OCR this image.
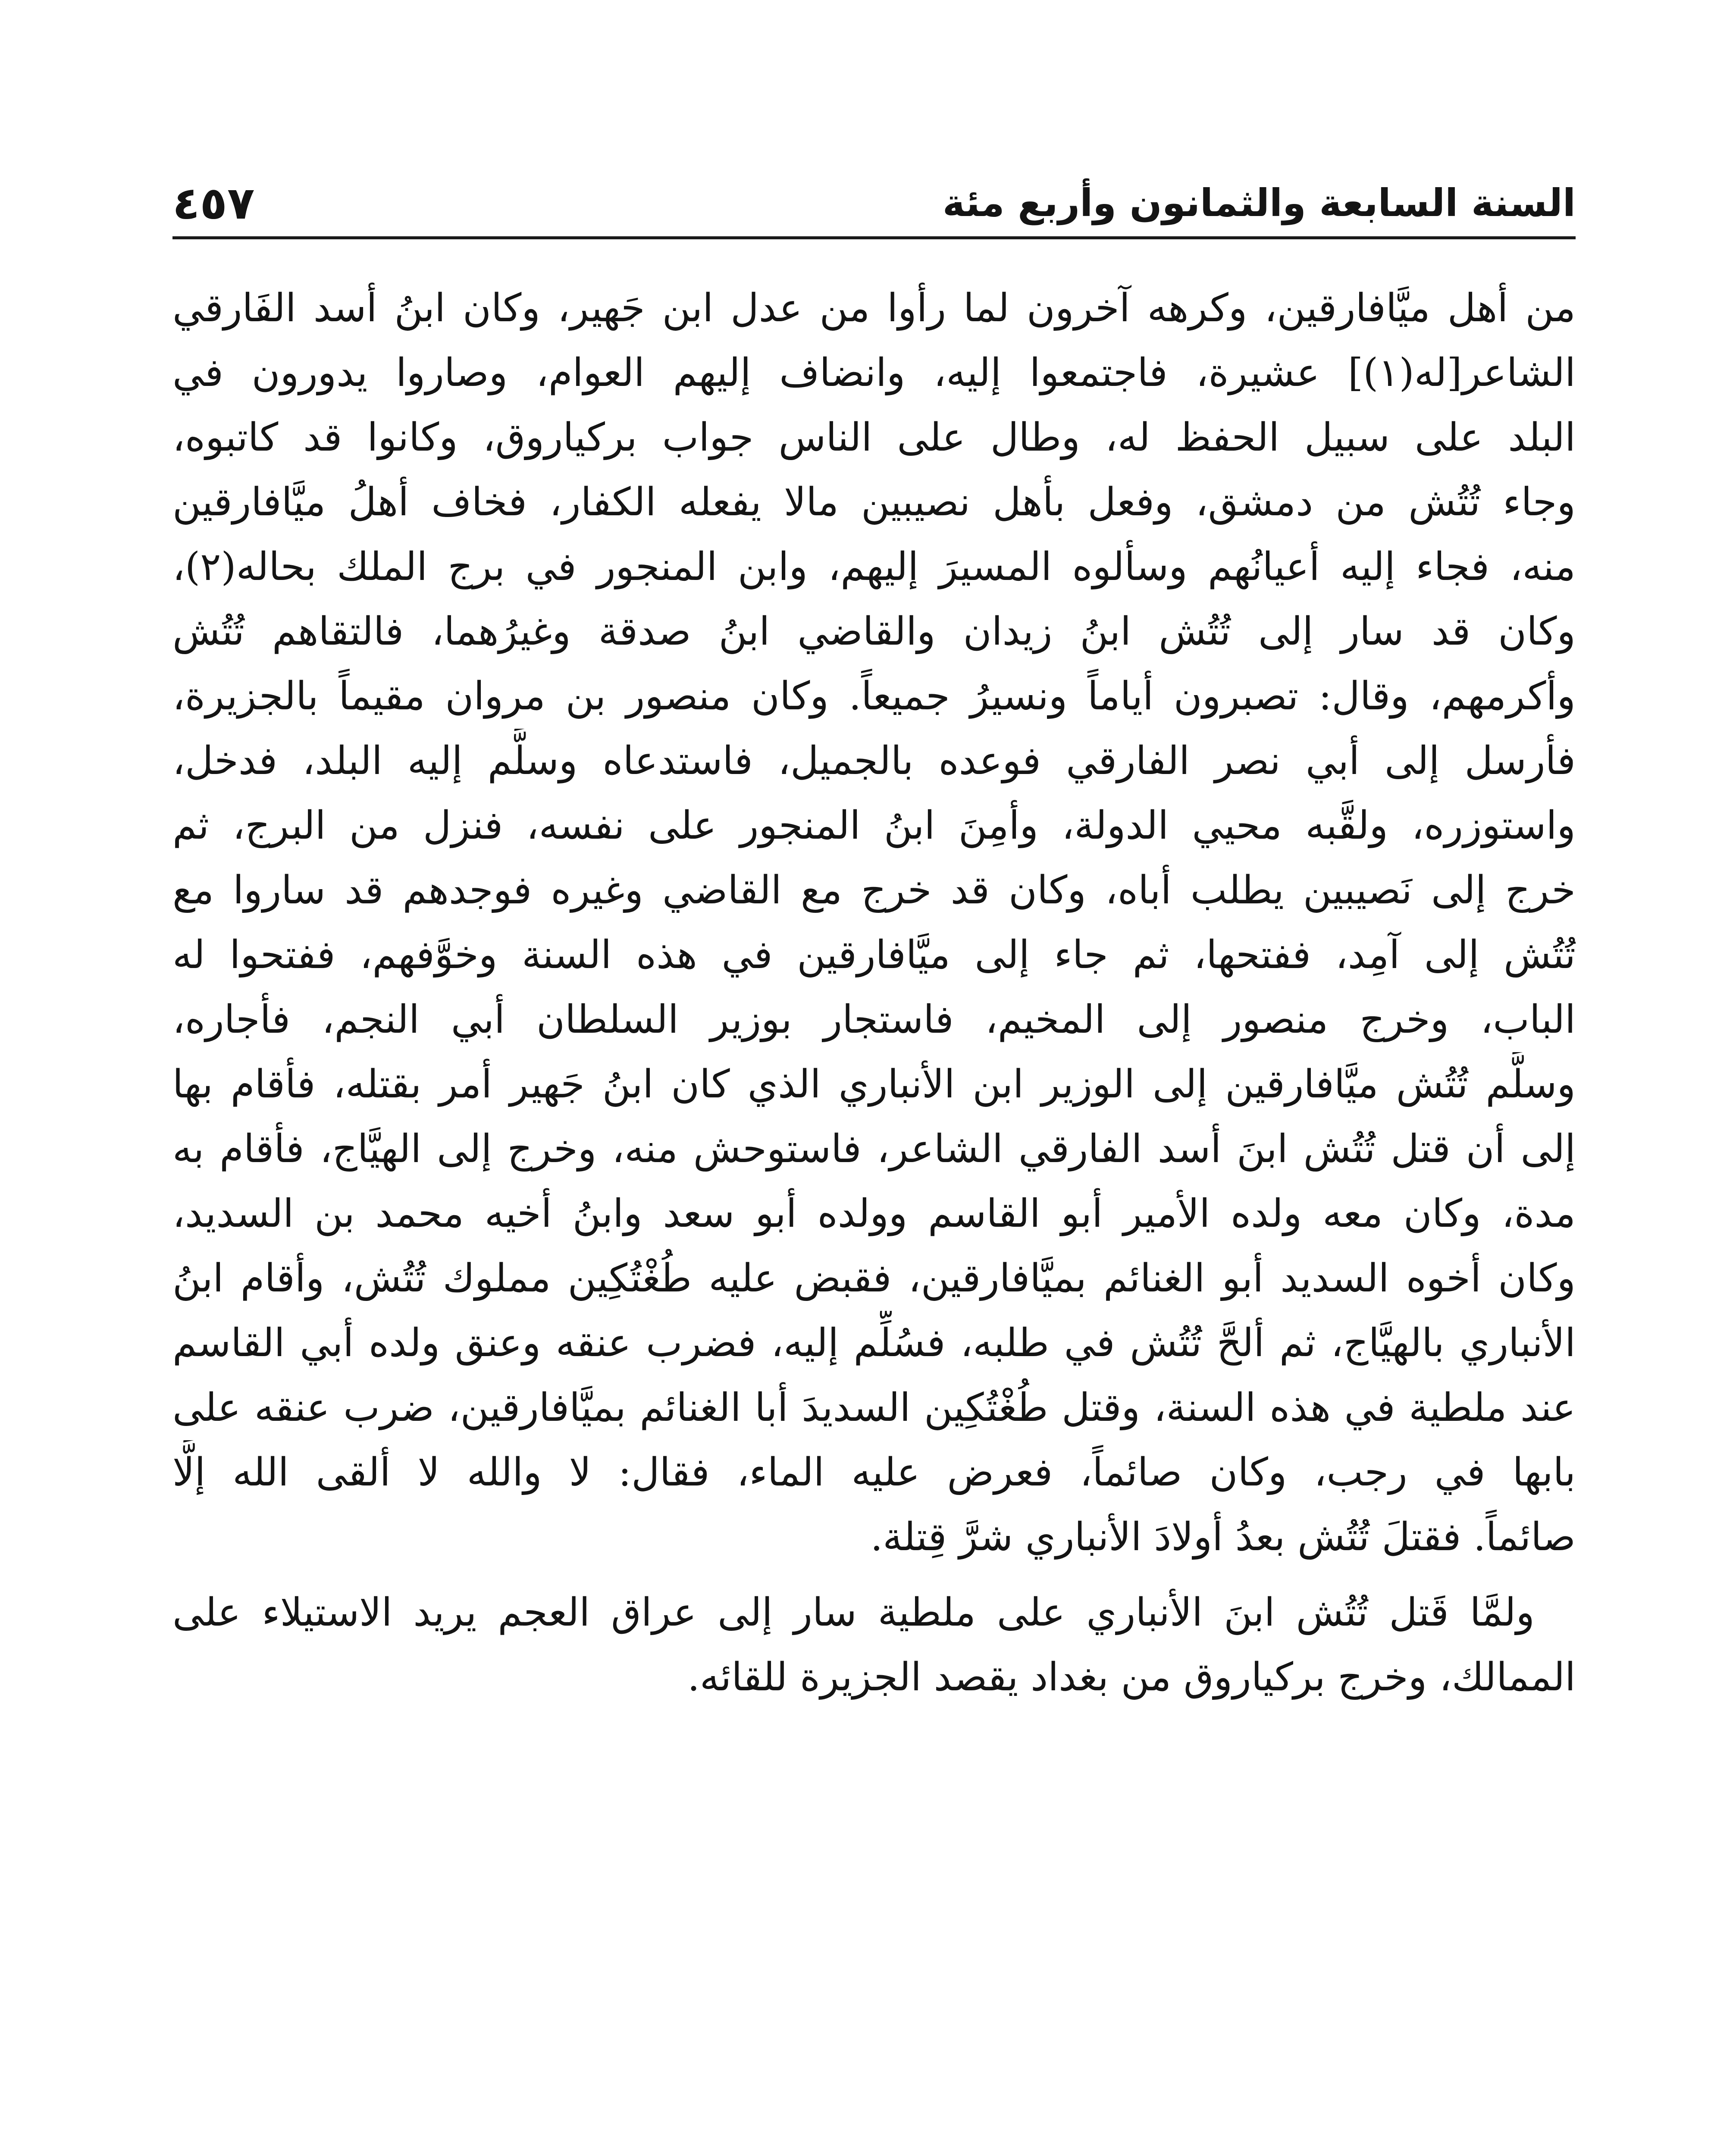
السنة السابعة والثمانون وأربع مئة
٤٥٧
من أهل ميَّافارقين، وكرهه آخرون لما رأوا من عدل ابن جَهير، وكان ابنُ أسد الفَارقي
الشاعر[له(١)] عشيرة، فاجتمعوا إليه، وانضاف إليهم العوام، وصاروا يدورون في
البلد على سبيل الحفظ له، وطال على الناس جواب بركياروق، وكانوا قد كاتبوه،
وجاء تُتُش من دمشق، وفعل بأهل نصيبين مالا يفعله الكفار، فخاف أهلُ ميَّافارقين
منه، فجاء إليه أعيانُهم وسألوه المسيرَ إليهم، وابن المنجور في برج الملك بحاله(٢)،
وكان قد سار إلى تُتُش ابنُ زيدان والقاضي ابنُ صدقة وغيرُهما، فالتقاهم تُتُش
وأكرمهم، وقال: تصبرون أياماً ونسيرُ جميعاً. وكان منصور بن مروان مقيماً بالجزيرة،
فأرسل إلى أبي نصر الفارقي فوعده بالجميل، فاستدعاه وسلَّم إليه البلد، فدخل،
واستوزره، ولقَّبه محيي الدولة، وأمِنَ ابنُ المنجور على نفسه، فنزل من البرج، ثم
خرج إلى نَصيبين يطلب أباه، وكان قد خرج مع القاضي وغيره فوجدهم قد ساروا مع
تُتُش إلى آمِد، ففتحها، ثم جاء إلى ميَّافارقين في هذه السنة وخوَّفهم، ففتحوا له
الباب، وخرج منصور إلى المخيم، فاستجار بوزير السلطان أبي النجم، فأجاره،
وسلَّم تُتُش ميَّافارقين إلى الوزير ابن الأنباري الذي كان ابنُ جَهير أمر بقتله، فأقام بها
إلى أن قتل تُتُش ابنَ أسد الفارقي الشاعر، فاستوحش منه، وخرج إلى الهيَّاج، فأقام به
مدة، وكان معه ولده الأمير أبو القاسم وولده أبو سعد وابنُ أخيه محمد بن السديد،
وكان أخوه السديد أبو الغنائم بميَّافارقين، فقبض عليه طُغْتُكِين مملوك تُتُش، وأقام ابنُ
الأنباري بالهيَّاج، ثم ألحَّ تُتُش في طلبه، فسُلِّم إليه، فضرب عنقه وعنق ولده أبي القاسم
عند ملطية في هذه السنة، وقتل طُغْتُكِين السديدَ أبا الغنائم بميَّافارقين، ضرب عنقه على
بابها في رجب، وكان صائماً، فعرض عليه الماء، فقال: لا والله لا ألقى الله إلَّا
صائماً. فقتلَ تُتُش بعدُ أولادَ الأنباري شرَّ قِتلة.
ولمَّا قَتل تُتُش ابنَ الأنباري على ملطية سار إلى عراق العجم يريد الاستيلاء على
الممالك، وخرج بركياروق من بغداد يقصد الجزيرة للقائه.
